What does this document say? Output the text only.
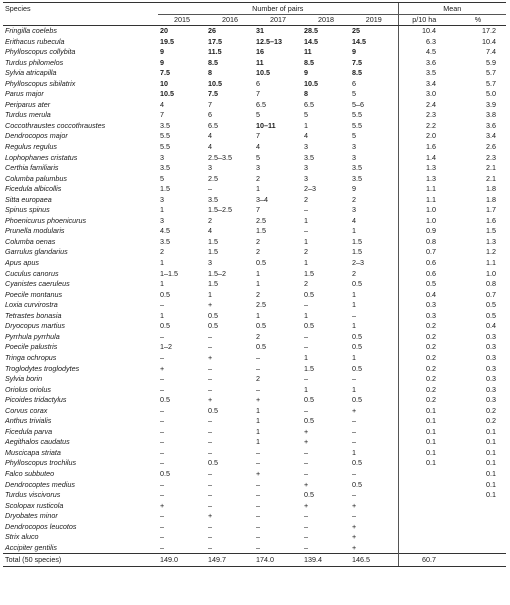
Species	Number of pairs					Mean	
	2015	2016	2017	2018	2019	p/10 ha	%
Fringilla coelebs	20	26	31	28.5	25	10.4	17.2
Erithacus rubecula	19.5	17.5	12.5–13	14.5	14.5	6.3	10.4
Phylloscopus collybita	9	11.5	16	11	9	4.5	7.4
Turdus philomelos	9	8.5	11	8.5	7.5	3.6	5.9
Sylvia atricapilla	7.5	8	10.5	9	8.5	3.5	5.7
Phylloscopus sibilatrix	10	10.5	6	10.5	6	3.4	5.7
Parus major	10.5	7.5	7	8	5	3.0	5.0
Periparus ater	4	7	6.5	6.5	5–6	2.4	3.9
Turdus merula	7	6	5	5	5.5	2.3	3.8
Coccothraustes coccothraustes	3.5	6.5	10–11	1	5.5	2.2	3.6
Dendrocopos major	5.5	4	7	4	5	2.0	3.4
Regulus regulus	5.5	4	4	3	3	1.6	2.6
Lophophanes cristatus	3	2.5–3.5	5	3.5	3	1.4	2.3
Certhia familiaris	3.5	3	3	3	3.5	1.3	2.1
Columba palumbus	5	2.5	2	3	3.5	1.3	2.1
Ficedula albicollis	1.5	–	1	2–3	9	1.1	1.8
Sitta europaea	3	3.5	3–4	2	2	1.1	1.8
Spinus spinus	1	1.5–2.5	7	–	3	1.0	1.7
Phoenicurus phoenicurus	3	2	2.5	1	4	1.0	1.6
Prunella modularis	4.5	4	1.5	–	1	0.9	1.5
Columba oenas	3.5	1.5	2	1	1.5	0.8	1.3
Garrulus glandarius	2	1.5	2	2	1.5	0.7	1.2
Apus apus	1	3	0.5	1	2–3	0.6	1.1
Cuculus canorus	1–1.5	1.5–2	1	1.5	2	0.6	1.0
Cyanistes caeruleus	1	1.5	1	2	0.5	0.5	0.8
Poecile montanus	0.5	1	2	0.5	1	0.4	0.7
Loxia curvirostra	–	+	2.5	–	1	0.3	0.5
Tetrastes bonasia	1	0.5	1	1	–	0.3	0.5
Dryocopus martius	0.5	0.5	0.5	0.5	1	0.2	0.4
Pyrrhula pyrrhula	–	–	2	–	0.5	0.2	0.3
Poecile palustris	1–2	–	0.5	–	0.5	0.2	0.3
Tringa ochropus	–	+	–	1	1	0.2	0.3
Troglodytes troglodytes	+	–	–	1.5	0.5	0.2	0.3
Sylvia borin	–	–	2	–	–	0.2	0.3
Oriolus oriolus	–	–	–	1	1	0.2	0.3
Picoides tridactylus	0.5	+	+	0.5	0.5	0.2	0.3
Corvus corax	–	0.5	1	–	+	0.1	0.2
Anthus trivialis	–	–	1	0.5	–	0.1	0.2
Ficedula parva	–	–	1	+	–	0.1	0.1
Aegithalos caudatus	–	–	1	+	–	0.1	0.1
Muscicapa striata	–	–	–	–	1	0.1	0.1
Phylloscopus trochilus	–	0.5	–	–	0.5	0.1	0.1
Falco subbuteo	0.5	–	+	–	–		0.1
Dendrocoptes medius	–	–	–	+	0.5		0.1
Turdus viscivorus	–	–	–	0.5	–		0.1
Scolopax rusticola	+	–	–	+	+		
Dryobates minor	–	+	–	–	–		
Dendrocopos leucotos	–	–	–	–	+		
Strix aluco	–	–	–	–	+		
Accipiter gentilis	–	–	–	–	+		
Total (50 species)	149.0	149.7	174.0	139.4	146.5	60.7	
